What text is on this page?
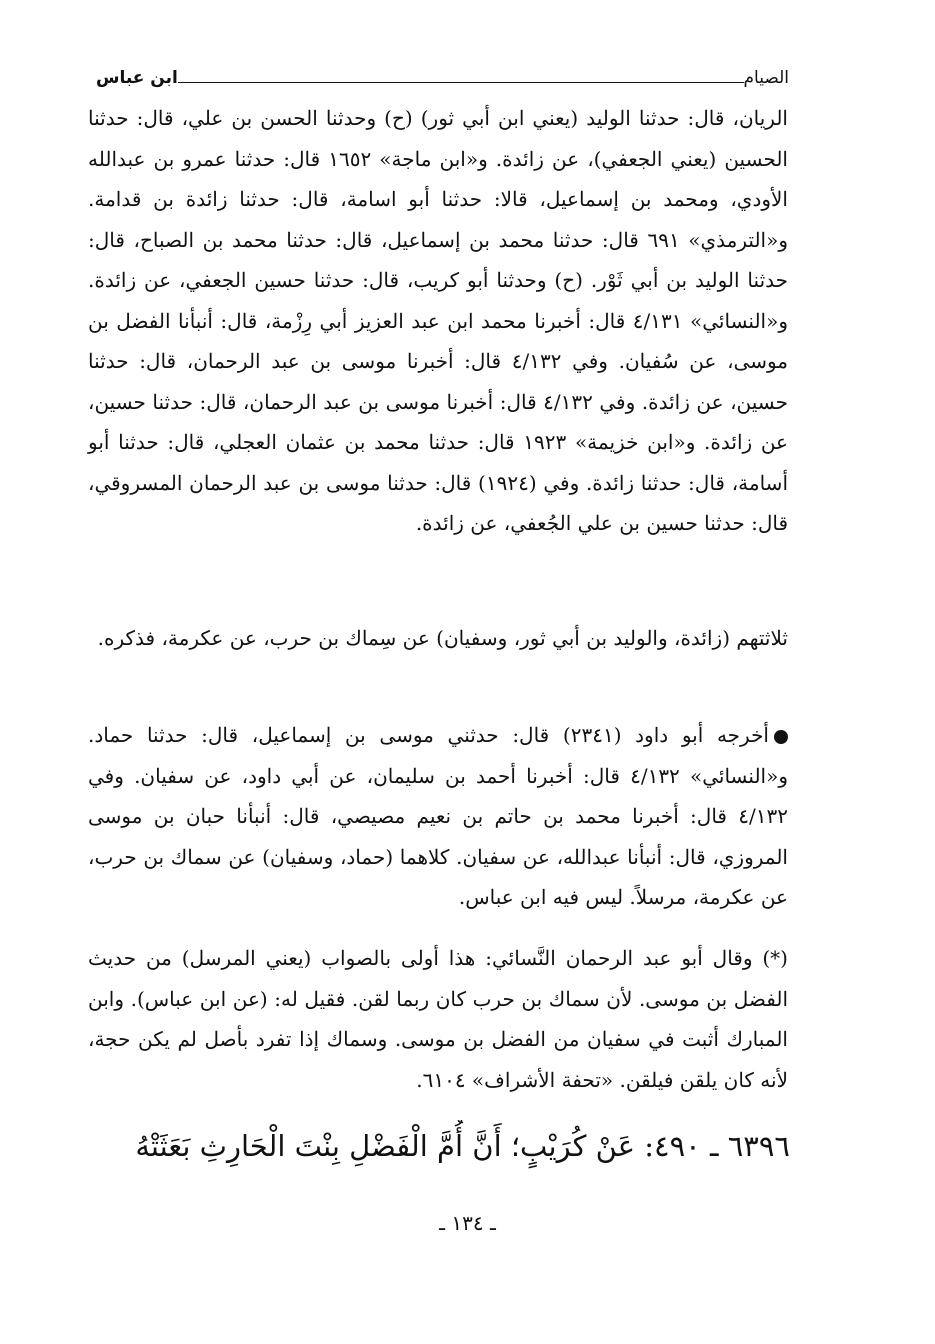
الصيام
ابن عباس

الريان، قال: حدثنا الوليد (يعني ابن أبي ثور) (ح) وحدثنا الحسن بن علي، قال: حدثنا الحسين (يعني الجعفي)، عن زائدة. و«ابن ماجة» ١٦٥٢ قال: حدثنا عمرو بن عبدالله الأودي، ومحمد بن إسماعيل، قالا: حدثنا أبو اسامة، قال: حدثنا زائدة بن قدامة. و«الترمذي» ٦٩١ قال: حدثنا محمد بن إسماعيل، قال: حدثنا محمد بن الصباح، قال: حدثنا الوليد بن أبي ثَوْر. (ح) وحدثنا أبو كريب، قال: حدثنا حسين الجعفي، عن زائدة. و«النسائي» ٤/١٣١ قال: أخبرنا محمد ابن عبد العزيز أبي رِزْمة، قال: أنبأنا الفضل بن موسى، عن سُفيان. وفي ٤/١٣٢ قال: أخبرنا موسى بن عبد الرحمان، قال: حدثنا حسين، عن زائدة. وفي ٤/١٣٢ قال: أخبرنا موسى بن عبد الرحمان، قال: حدثنا حسين، عن زائدة. و«ابن خزيمة» ١٩٢٣ قال: حدثنا محمد بن عثمان العجلي، قال: حدثنا أبو أسامة، قال: حدثنا زائدة. وفي (١٩٢٤) قال: حدثنا موسى بن عبد الرحمان المسروقي، قال: حدثنا حسين بن علي الجُعفي، عن زائدة.

ثلاثتهم (زائدة، والوليد بن أبي ثور، وسفيان) عن سِماك بن حرب، عن عكرمة، فذكره.

أخرجه أبو داود (٢٣٤١) قال: حدثني موسى بن إسماعيل، قال: حدثنا حماد. و«النسائي» ٤/١٣٢ قال: أخبرنا أحمد بن سليمان، عن أبي داود، عن سفيان. وفي ٤/١٣٢ قال: أخبرنا محمد بن حاتم بن نعيم مصيصي، قال: أنبأنا حبان بن موسى المروزي، قال: أنبأنا عبدالله، عن سفيان. كلاهما (حماد، وسفيان) عن سماك بن حرب، عن عكرمة، مرسلاً. ليس فيه ابن عباس.

(*) وقال أبو عبد الرحمان النَّسائي: هذا أولى بالصواب (يعني المرسل) من حديث الفضل بن موسى. لأن سماك بن حرب كان ربما لقن. فقيل له: (عن ابن عباس). وابن المبارك أثبت في سفيان من الفضل بن موسى. وسماك إذا تفرد بأصل لم يكن حجة، لأنه كان يلقن فيلقن. «تحفة الأشراف» ٦١٠٤.

٦٣٩٦ ـ ٤٩٠: عَنْ كُرَيْبٍ؛ أَنَّ أُمَّ الْفَضْلِ بِنْتَ الْحَارِثِ بَعَثَتْهُ
ـ ١٣٤ ـ
